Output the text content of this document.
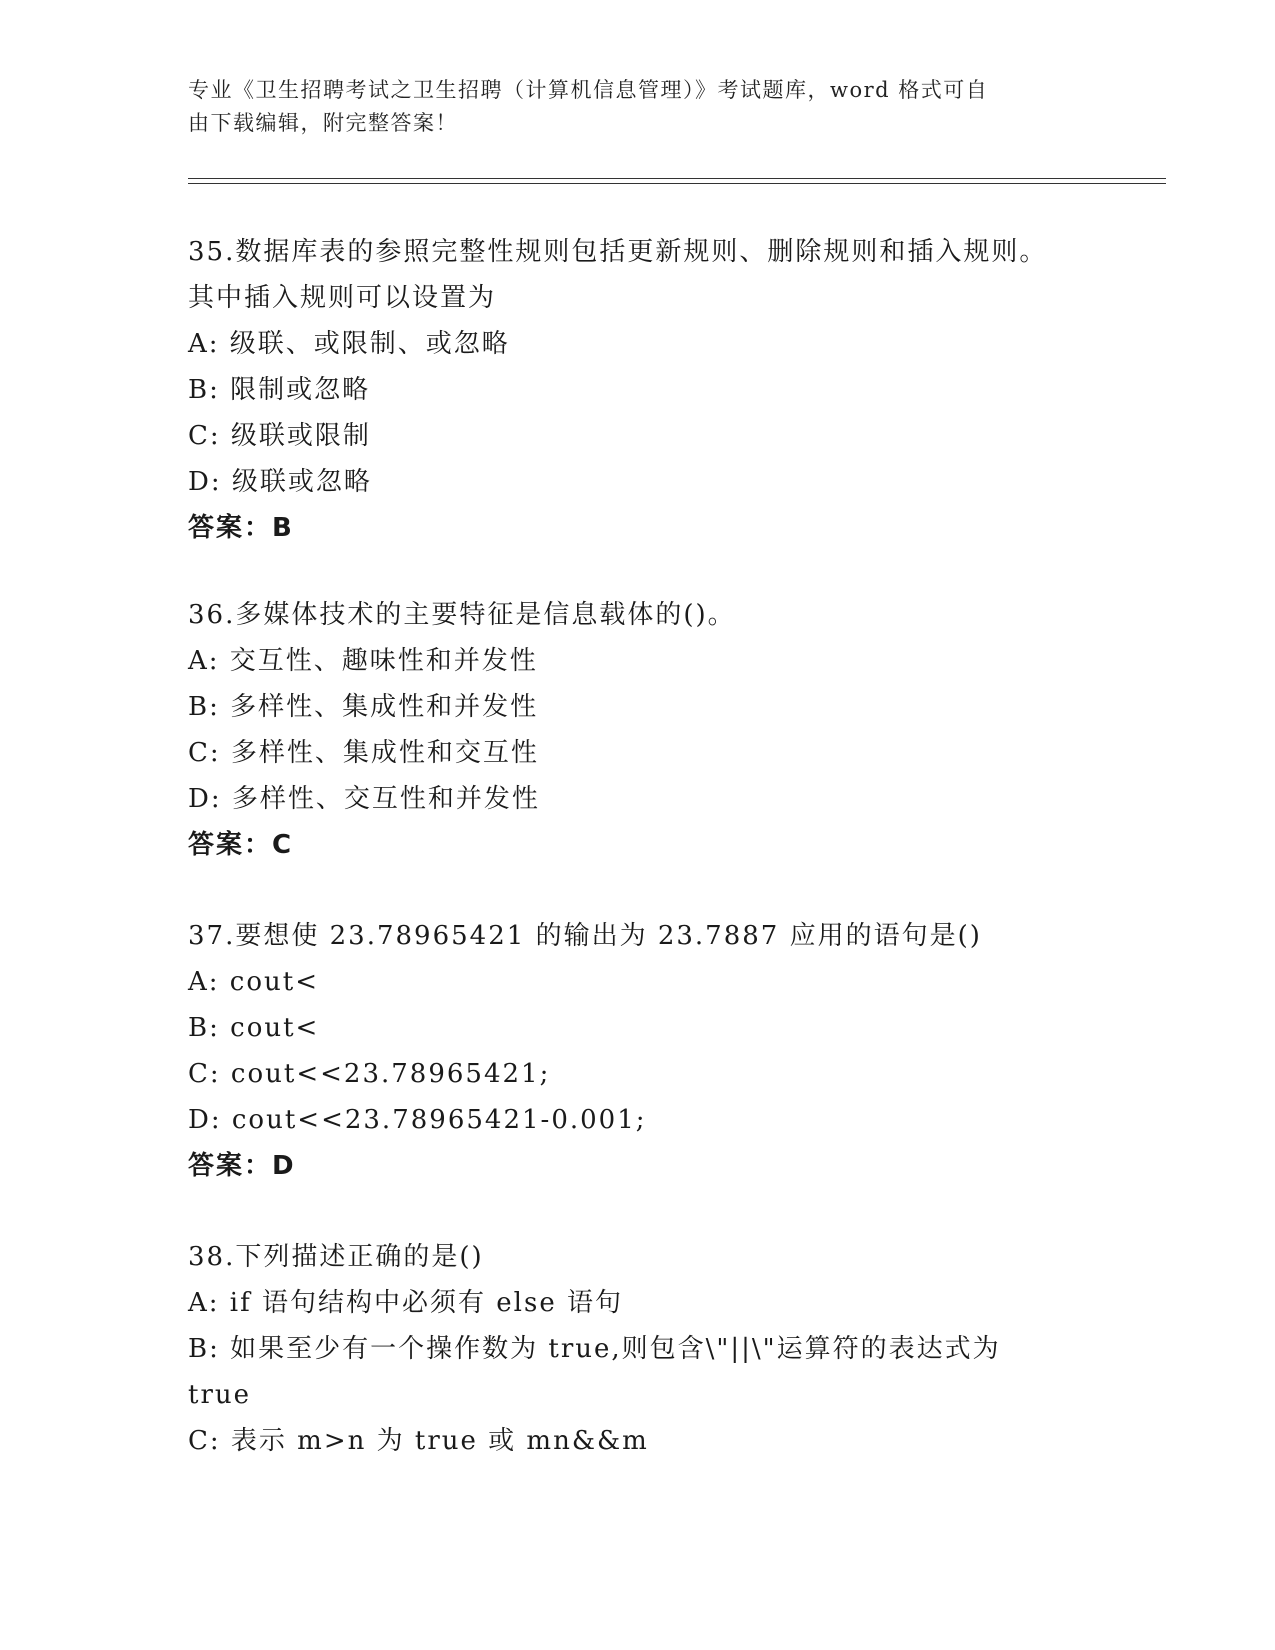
专业《卫生招聘考试之卫生招聘（计算机信息管理）》考试题库，word 格式可自
由下载编辑，附完整答案！
35.数据库表的参照完整性规则包括更新规则、删除规则和插入规则。
其中插入规则可以设置为
A: 级联、或限制、或忽略
B: 限制或忽略
C: 级联或限制
D: 级联或忽略
答案：B
36.多媒体技术的主要特征是信息载体的()。
A: 交互性、趣味性和并发性
B: 多样性、集成性和并发性
C: 多样性、集成性和交互性
D: 多样性、交互性和并发性
答案：C
37.要想使 23.78965421 的输出为 23.7887 应用的语句是()
A: cout<
B: cout<
C: cout<<23.78965421;
D: cout<<23.78965421-0.001;
答案：D
38.下列描述正确的是()
A: if 语句结构中必须有 else 语句
B: 如果至少有一个操作数为 true,则包含\"||\"运算符的表达式为
true
C: 表示 m>n 为 true 或 mn&&m
